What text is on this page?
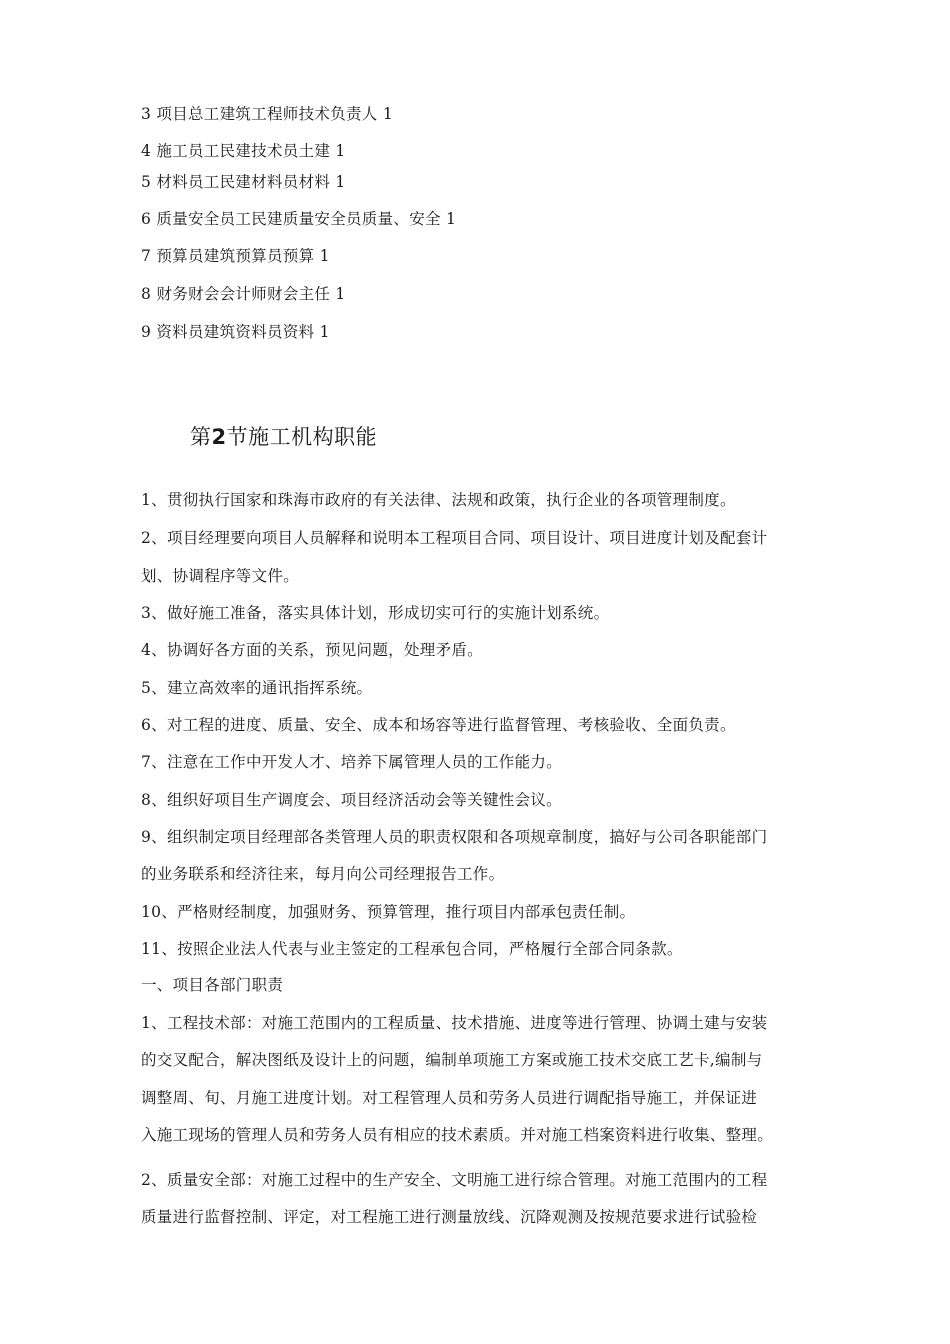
3 项目总工建筑工程师技术负责人 1
4 施工员工民建技术员土建 1
5 材料员工民建材料员材料 1
6 质量安全员工民建质量安全员质量、安全 1
7 预算员建筑预算员预算 1
8 财务财会会计师财会主任 1
9 资料员建筑资料员资料 1
第2节施工机构职能
1、贯彻执行国家和珠海市政府的有关法律、法规和政策，执行企业的各项管理制度。
2、项目经理要向项目人员解释和说明本工程项目合同、项目设计、项目进度计划及配套计
划、协调程序等文件。
3、做好施工准备，落实具体计划，形成切实可行的实施计划系统。
4、协调好各方面的关系，预见问题，处理矛盾。
5、建立高效率的通讯指挥系统。
6、对工程的进度、质量、安全、成本和场容等进行监督管理、考核验收、全面负责。
7、注意在工作中开发人才、培养下属管理人员的工作能力。
8、组织好项目生产调度会、项目经济活动会等关键性会议。
9、组织制定项目经理部各类管理人员的职责权限和各项规章制度，搞好与公司各职能部门
的业务联系和经济往来，每月向公司经理报告工作。
10、严格财经制度，加强财务、预算管理，推行项目内部承包责任制。
11、按照企业法人代表与业主签定的工程承包合同，严格履行全部合同条款。
一、项目各部门职责
1、工程技术部：对施工范围内的工程质量、技术措施、进度等进行管理、协调土建与安装
的交叉配合，解决图纸及设计上的问题，编制单项施工方案或施工技术交底工艺卡,编制与
调整周、旬、月施工进度计划。对工程管理人员和劳务人员进行调配指导施工，并保证进
入施工现场的管理人员和劳务人员有相应的技术素质。并对施工档案资料进行收集、整理。
2、质量安全部：对施工过程中的生产安全、文明施工进行综合管理。对施工范围内的工程
质量进行监督控制、评定，对工程施工进行测量放线、沉降观测及按规范要求进行试验检
